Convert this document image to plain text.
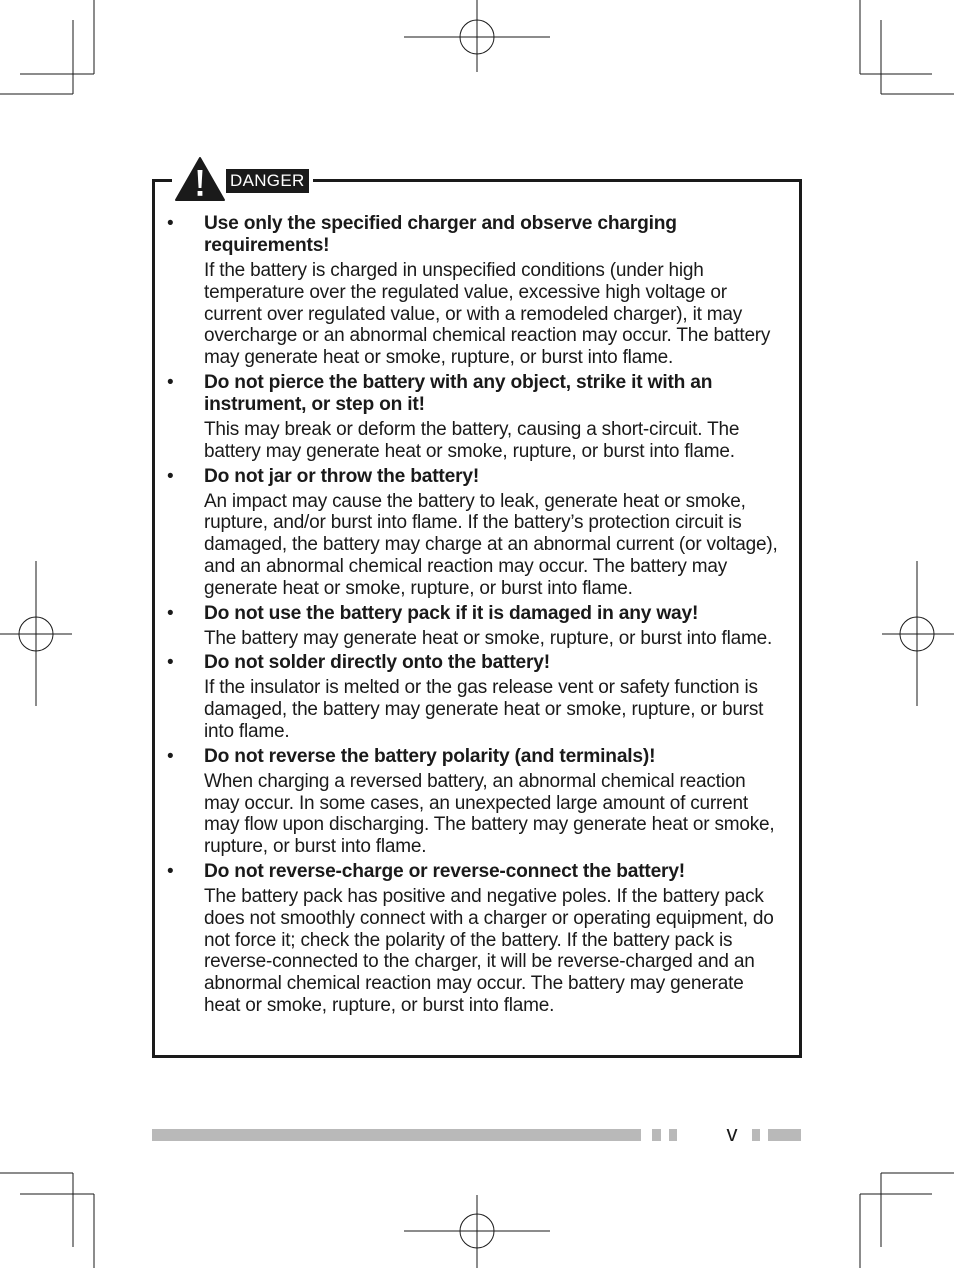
DANGER
• Use only the specified charger and observe charging requirements!
If the battery is charged in unspecified conditions (under high temperature over the regulated value, excessive high voltage or current over regulated value, or with a remodeled charger), it may overcharge or an abnormal chemical reaction may occur. The battery may generate heat or smoke, rupture, or burst into flame.
• Do not pierce the battery with any object, strike it with an instrument, or step on it!
This may break or deform the battery, causing a short-circuit. The battery may generate heat or smoke, rupture, or burst into flame.
• Do not jar or throw the battery!
An impact may cause the battery to leak, generate heat or smoke, rupture, and/or burst into flame. If the battery’s protection circuit is damaged, the battery may charge at an abnormal current (or voltage), and an abnormal chemical reaction may occur. The battery may generate heat or smoke, rupture, or burst into flame.
• Do not use the battery pack if it is damaged in any way!
The battery may generate heat or smoke, rupture, or burst into flame.
• Do not solder directly onto the battery!
If the insulator is melted or the gas release vent or safety function is damaged, the battery may generate heat or smoke, rupture, or burst into flame.
• Do not reverse the battery polarity (and terminals)!
When charging a reversed battery, an abnormal chemical reaction may occur. In some cases, an unexpected large amount of current may flow upon discharging. The battery may generate heat or smoke, rupture, or burst into flame.
• Do not reverse-charge or reverse-connect the battery!
The battery pack has positive and negative poles. If the battery pack does not smoothly connect with a charger or operating equipment, do not force it; check the polarity of the battery. If the battery pack is reverse-connected to the charger, it will be reverse-charged and an abnormal chemical reaction may occur. The battery may generate heat or smoke, rupture, or burst into flame.
v
